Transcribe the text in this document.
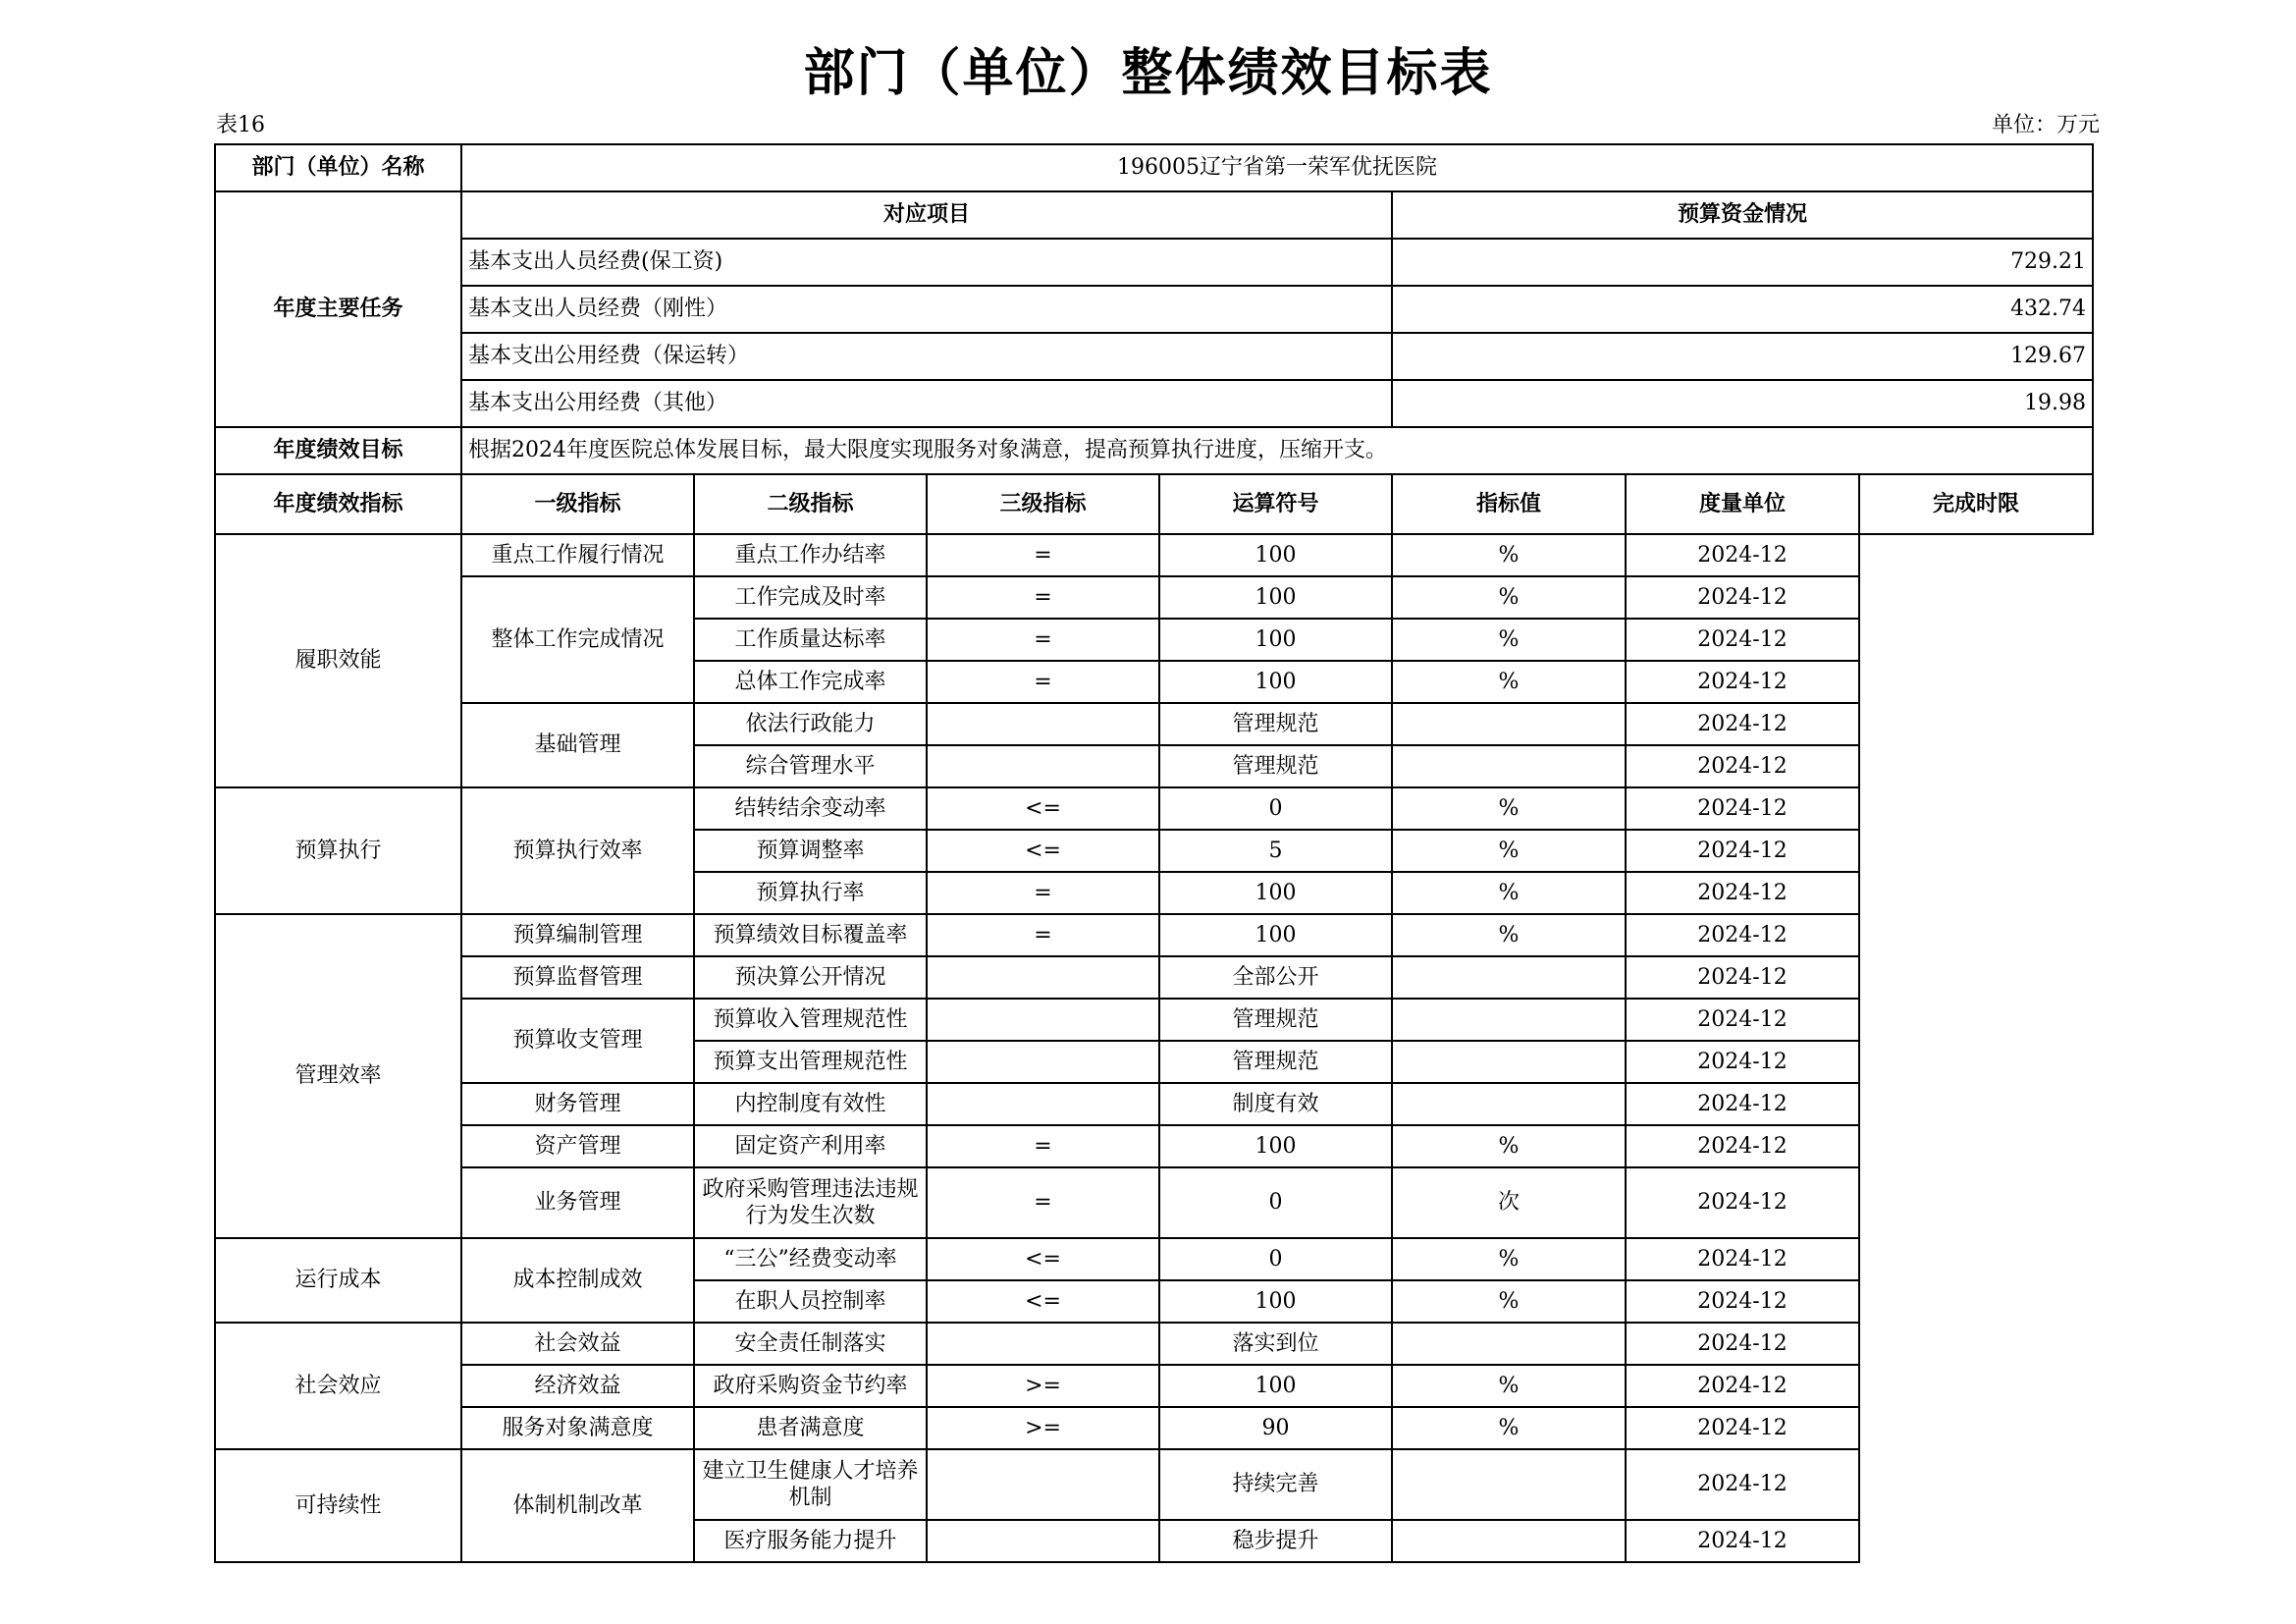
部门（单位）整体绩效目标表
表16	单位：万元
部门（单位）名称	196005辽宁省第一荣军优抚医院						
年度主要任务	对应项目				预算资金情况		
	基本支出人员经费(保工资)				729.21		
	基本支出人员经费（刚性）				432.74		
	基本支出公用经费（保运转）				129.67		
	基本支出公用经费（其他）				19.98		
年度绩效目标	根据2024年度医院总体发展目标，最大限度实现服务对象满意，提高预算执行进度，压缩开支。						
年度绩效指标	一级指标	二级指标	三级指标	运算符号	指标值	度量单位	完成时限
履职效能	重点工作履行情况	重点工作办结率	=	100	%	2024-12	
	整体工作完成情况	工作完成及时率	=	100	%	2024-12	
		工作质量达标率	=	100	%	2024-12	
		总体工作完成率	=	100	%	2024-12	
	基础管理	依法行政能力		管理规范		2024-12	
		综合管理水平		管理规范		2024-12	
预算执行	预算执行效率	结转结余变动率	<=	0	%	2024-12	
		预算调整率	<=	5	%	2024-12	
		预算执行率	=	100	%	2024-12	
管理效率	预算编制管理	预算绩效目标覆盖率	=	100	%	2024-12	
	预算监督管理	预决算公开情况		全部公开		2024-12	
	预算收支管理	预算收入管理规范性		管理规范		2024-12	
		预算支出管理规范性		管理规范		2024-12	
	财务管理	内控制度有效性		制度有效		2024-12	
	资产管理	固定资产利用率	=	100	%	2024-12	
	业务管理	政府采购管理违法违规行为发生次数	=	0	次	2024-12	
运行成本	成本控制成效	“三公”经费变动率	<=	0	%	2024-12	
		在职人员控制率	<=	100	%	2024-12	
社会效应	社会效益	安全责任制落实		落实到位		2024-12	
	经济效益	政府采购资金节约率	>=	100	%	2024-12	
	服务对象满意度	患者满意度	>=	90	%	2024-12	
可持续性	体制机制改革	建立卫生健康人才培养机制		持续完善		2024-12	
		医疗服务能力提升		稳步提升		2024-12	
